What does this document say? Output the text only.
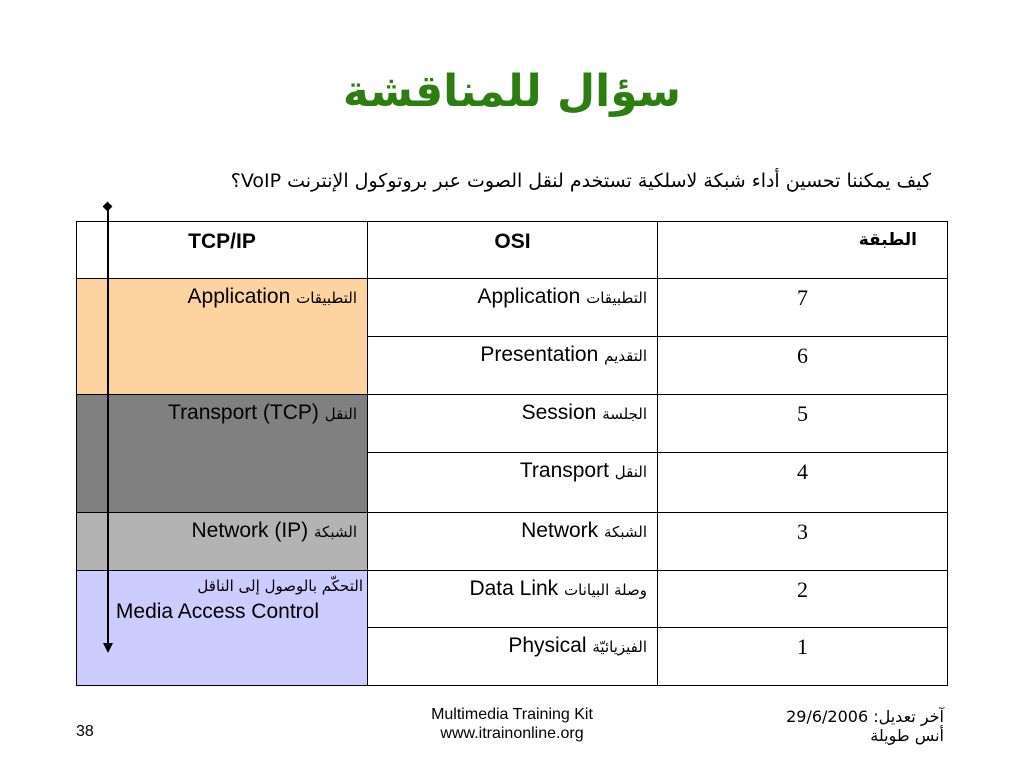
سؤال للمناقشة
كيف يمكننا تحسين أداء شبكة لاسلكية تستخدم لنقل الصوت عبر بروتوكول الإنترنت VoIP؟
TCP/IP	OSI	الطبقة
Application التطبيقات	Application التطبيقات	7
	Presentation التقديم	6
Transport (TCP) النقل	Session الجلسة	5
	Transport النقل	4
Network (IP) الشبكة	Network الشبكة	3

التحكّم بالوصول إلى الناقل
Media Access Control	Data Link وصلة البيانات	2
	Physical الفيزيائيّة	1
38
Multimedia Training Kit
www.itrainonline.org
آخر تعديل: 29/6/2006
أنس طويلة
